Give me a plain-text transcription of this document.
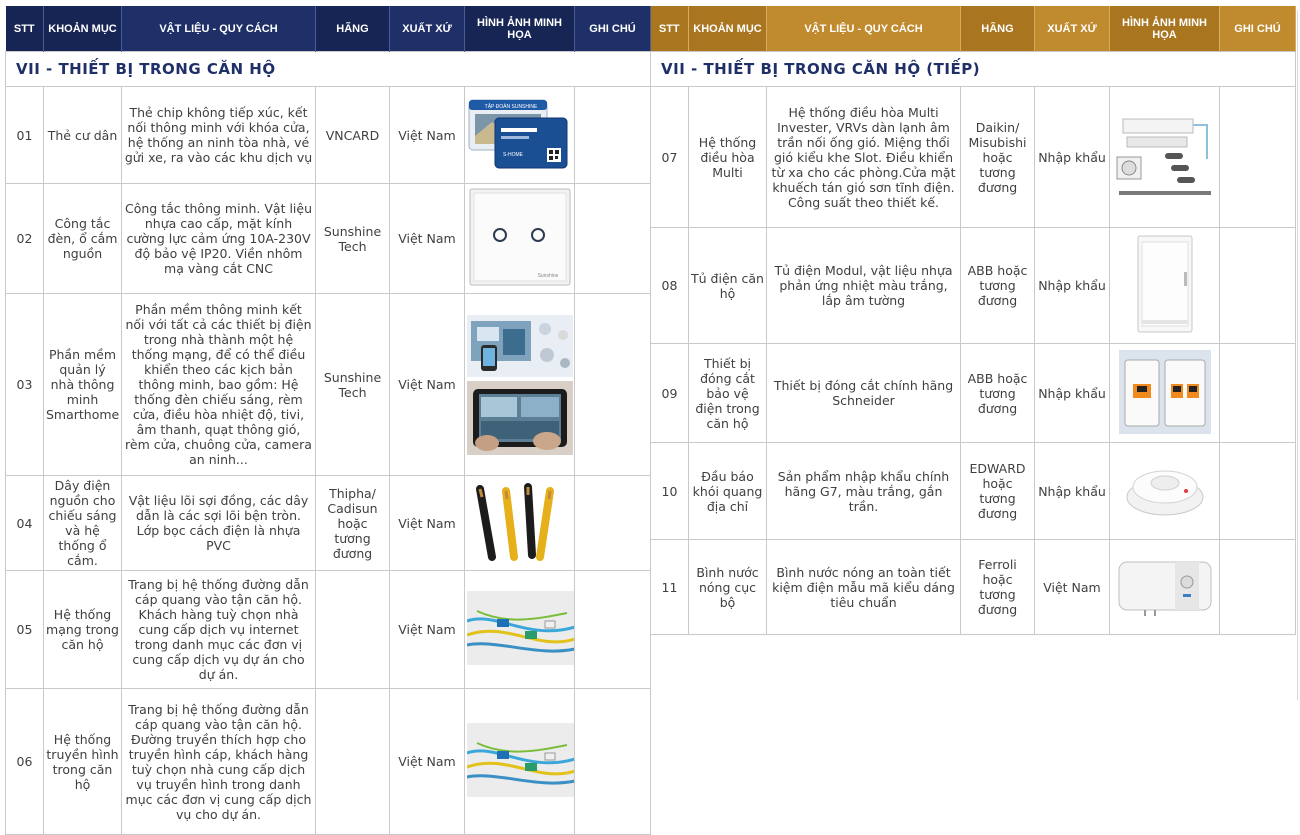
STT	KHOẢN MỤC	VẬT LIỆU - QUY CÁCH	HÃNG	XUẤT XỨ	HÌNH ẢNH MINH HỌA	GHI CHÚ
VII - THIẾT BỊ TRONG CĂN HỘ						
01	Thẻ cư dân	Thẻ chip không tiếp xúc, kết nối thông minh với khóa cửa, hệ thống an ninh tòa nhà, vé gửi xe, ra vào các khu dịch vụ	VNCARD	Việt Nam	TẬP ĐOÀN SUNSHINE
S-HOME	

02	Công tắc đèn, ổ cắm nguồn	Công tắc thông minh. Vật liệu nhựa cao cấp, mặt kính cường lực cảm ứng 10A-230V độ bảo vệ IP20. Viền nhôm mạ vàng cắt CNC	Sunshine Tech	Việt Nam	Sunshine	

03	Phần mềm quản lý nhà thông minh Smarthome	Phần mềm thông minh kết nối với tất cả các thiết bị điện trong nhà thành một hệ thống mạng, để có thể điều khiển theo các kịch bản thông minh, bao gồm: Hệ thống đèn chiếu sáng, rèm cửa, điều hòa nhiệt độ, tivi, âm thanh, quạt thông gió, rèm cửa, chuông cửa, camera an ninh...	Sunshine Tech	Việt Nam	

04	Dây điện nguồn cho chiếu sáng và hệ thống ổ cắm.	Vật liệu lõi sợi đồng, các dây dẫn là các sợi lõi bện tròn. Lớp bọc cách điện là nhựa PVC	Thipha/ Cadisun hoặc tương đương	Việt Nam		
05	Hệ thống mạng trong căn hộ	Trang bị hệ thống đường dẫn cáp quang vào tận căn hộ. Khách hàng tuỳ chọn nhà cung cấp dịch vụ internet trong danh mục các đơn vị cung cấp dịch vụ dự án cho dự án.		Việt Nam		
06	Hệ thống truyền hình trong căn hộ	Trang bị hệ thống đường dẫn cáp quang vào tận căn hộ. Đường truyền thích hợp cho truyền hình cáp, khách hàng tuỳ chọn nhà cung cấp dịch vụ truyền hình trong danh mục các đơn vị cung cấp dịch vụ cho dự án.		Việt Nam		
STT	KHOẢN MỤC	VẬT LIỆU - QUY CÁCH	HÃNG	XUẤT XỨ	HÌNH ẢNH MINH HỌA	GHI CHÚ
VII - THIẾT BỊ TRONG CĂN HỘ (TIẾP)						
07	Hệ thống điều hòa Multi	Hệ thống điều hòa Multi Invester, VRVs dàn lạnh âm trần nối ống gió. Miệng thổi gió kiểu khe Slot. Điều khiển từ xa cho các phòng.Cửa mặt khuếch tán gió sơn tĩnh điện. Công suất theo thiết kế.	Daikin/ Misubishi hoặc tương đương	Nhập khẩu		
08	Tủ điện căn hộ	Tủ điện Modul, vật liệu nhựa phản ứng nhiệt màu trắng, lắp âm tường	ABB hoặc tương đương	Nhập khẩu		
09	Thiết bị đóng cắt bảo vệ điện trong căn hộ	Thiết bị đóng cắt chính hãng Schneider	ABB hoặc tương đương	Nhập khẩu		
10	Đầu báo khói quang địa chỉ	Sản phẩm nhập khẩu chính hãng G7, màu trắng, gắn trần.	EDWARD hoặc tương đương	Nhập khẩu		
11	Bình nước nóng cục bộ	Bình nước nóng an toàn tiết kiệm điện mẫu mã kiểu dáng tiêu chuẩn	Ferroli hoặc tương đương	Việt Nam		
